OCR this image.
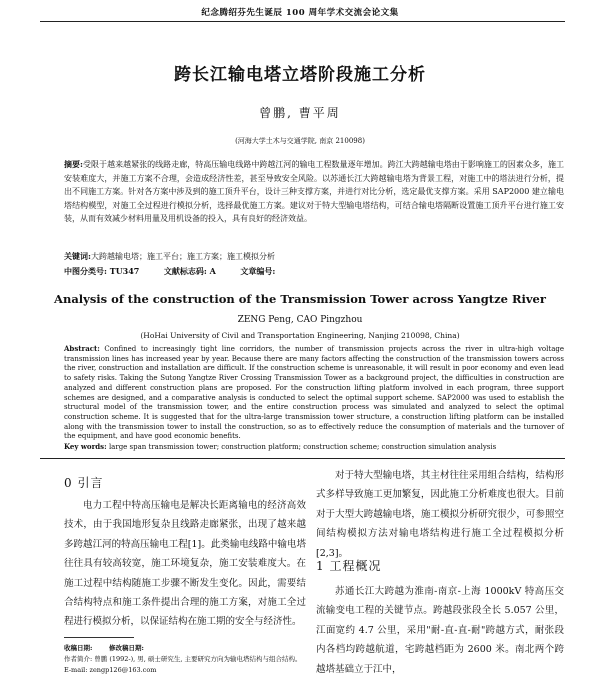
纪念腾绍芬先生诞辰 100 周年学术交流会论文集
跨长江输电塔立塔阶段施工分析
曾鹏, 曹平周
(河海大学土木与交通学院, 南京 210098)
摘要:受限于越来越紧张的线路走廊，特高压输电线路中跨越江河的输电工程数量逐年增加。跨江大跨越输电塔由于影响施工的因素众多，施工安装难度大，并施工方案不合理，会造成经济性差，甚至导致安全风险。以苏通长江大跨越输电塔为背景工程，对施工中的塔法进行分析，提出不同施工方案。针对各方案中涉及到的施工顶升平台，设计三种支撑方案，并进行对比分析，选定最优支撑方案。采用 SAP2000 建立输电塔结构模型，对施工全过程进行模拟分析，选择最优施工方案。建议对于特大型输电塔结构，可结合输电塔隔断设置施工顶升平台进行施工安装，从而有效减少材料用量及用机设备的投入，具有良好的经济效益。
关键词:大跨越输电塔；施工平台；施工方案；施工模拟分析
中图分类号: TU347	文献标志码: A	文章编号:
Analysis of the construction of the Transmission Tower across Yangtze River
ZENG Peng, CAO Pingzhou
(HoHai University of Civil and Transportation Engineering, Nanjing 210098, China)
Abstract: Confined to increasingly tight line corridors, the number of transmission projects across the river in ultra-high voltage transmission lines has increased year by year. Because there are many factors affecting the construction of the transmission towers across the river, construction and installation are difficult. If the construction scheme is unreasonable, it will result in poor economy and even lead to safety risks. Taking the Sutong Yangtze River Crossing Transmission Tower as a background project, the difficulties in construction are analyzed and different construction plans are proposed. For the construction lifting platform involved in each program, three support schemes are designed, and a comparative analysis is conducted to select the optimal support scheme. SAP2000 was used to establish the structural model of the transmission tower, and the entire construction process was simulated and analyzed to select the optimal construction scheme. It is suggested that for the ultra-large transmission tower structure, a construction lifting platform can be installed along with the transmission tower to install the construction, so as to effectively reduce the consumption of materials and the turnover of the equipment, and have good economic benefits.
Key words: large span transmission tower; construction platform; construction scheme; construction simulation analysis
0 引言
电力工程中特高压输电是解决长距离输电的经济高效技术，由于我国地形复杂且线路走廊紧张，出现了越来越多跨越江河的特高压输电工程[1]。此类输电线路中输电塔往往具有较高较宽，施工环境复杂，施工安装难度大。在施工过程中结构随施工步骤不断发生变化。因此，需要结合结构特点和施工条件提出合理的施工方案，对施工全过程进行模拟分析，以保证结构在施工期的安全与经济性。
收稿日期:	修改稿日期:
作者简介: 曾鹏 (1992-), 男, 硕士研究生, 主要研究方向为输电塔结构与组合结构。E-mail: zengp126@163.com
对于特大型输电塔，其主材往往采用组合结构，结构形式多样导致施工更加繁复，因此施工分析难度也很大。目前对于大型大跨越输电塔，施工模拟分析研究很少，可参照空间结构模拟方法对输电塔结构进行施工全过程模拟分析[2,3]。
1 工程概况
苏通长江大跨越为淮南-南京-上海 1000kV 特高压交流输变电工程的关键节点。跨越段张段全长 5.057 公里，江面宽约 4.7 公里，采用"耐-直-直-耐"跨越方式，耐张段内各档均跨越航道，宅跨越档距为 2600 米。南北两个跨越塔基础立于江中，
